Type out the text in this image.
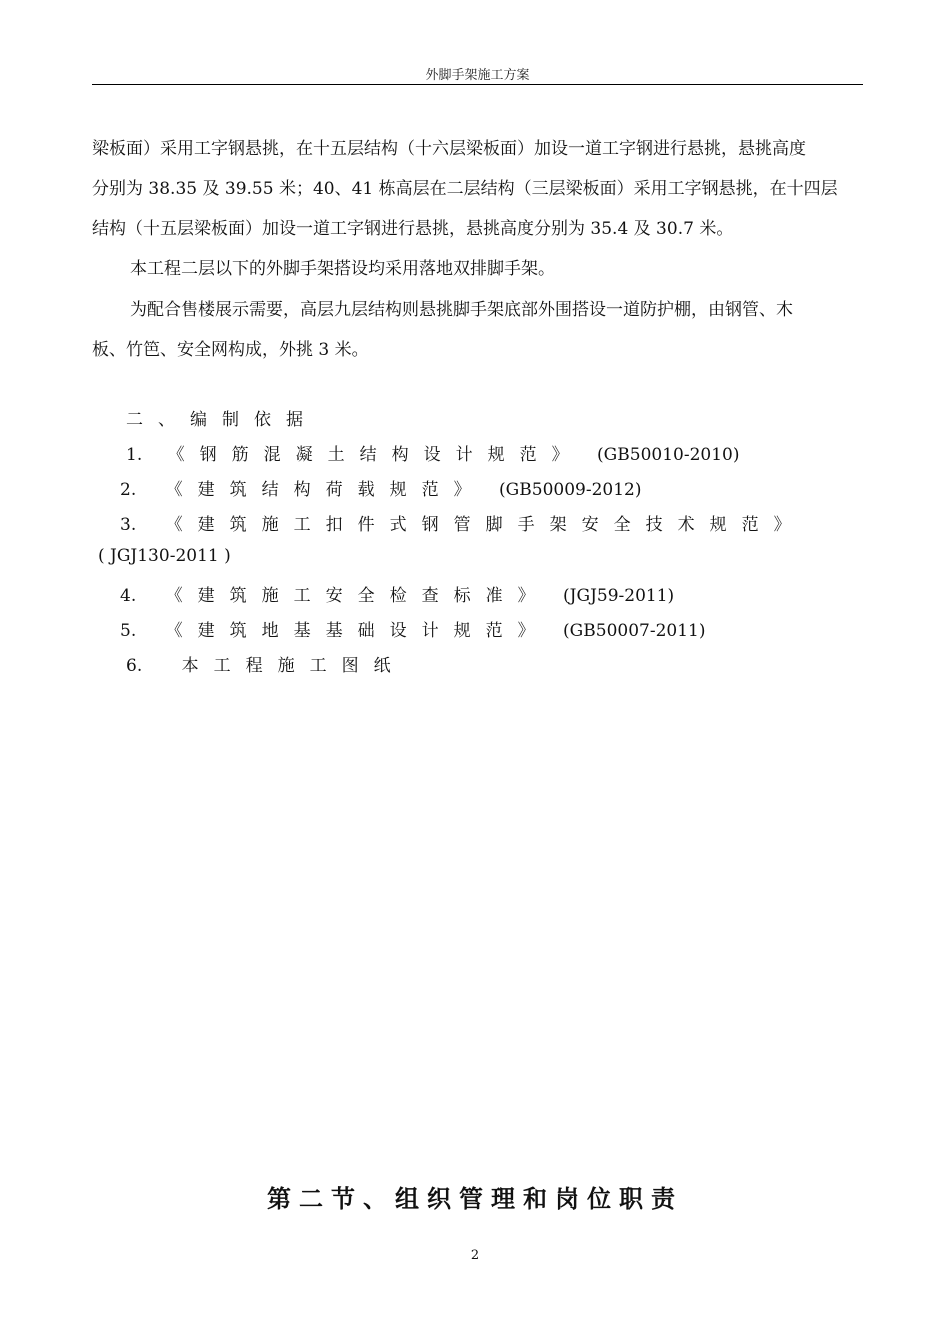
外脚手架施工方案

梁板面）采用工字钢悬挑，在十五层结构（十六层梁板面）加设一道工字钢进行悬挑，悬挑高度
分别为 38.35 及 39.55 米；40、41 栋高层在二层结构（三层梁板面）采用工字钢悬挑，在十四层
结构（十五层梁板面）加设一道工字钢进行悬挑，悬挑高度分别为 35.4 及 30.7 米。

本工程二层以下的外脚手架搭设均采用落地双排脚手架。
为配合售楼展示需要，高层九层结构则悬挑脚手架底部外围搭设一道防护棚，由钢管、木
板、竹笆、安全网构成，外挑 3 米。
二、编制依据
1. 《钢筋混凝土结构设计规范》 (GB50010-2010)
2. 《建筑结构荷载规范》 (GB50009-2012)
3. 《建筑施工扣件式钢管脚手架安全技术规范》
( JGJ130-2011 )
4. 《建筑施工安全检查标准》 (JGJ59-2011)
5. 《建筑地基基础设计规范》 (GB50007-2011)
6. 本工程施工图纸
第二节、组织管理和岗位职责
2
